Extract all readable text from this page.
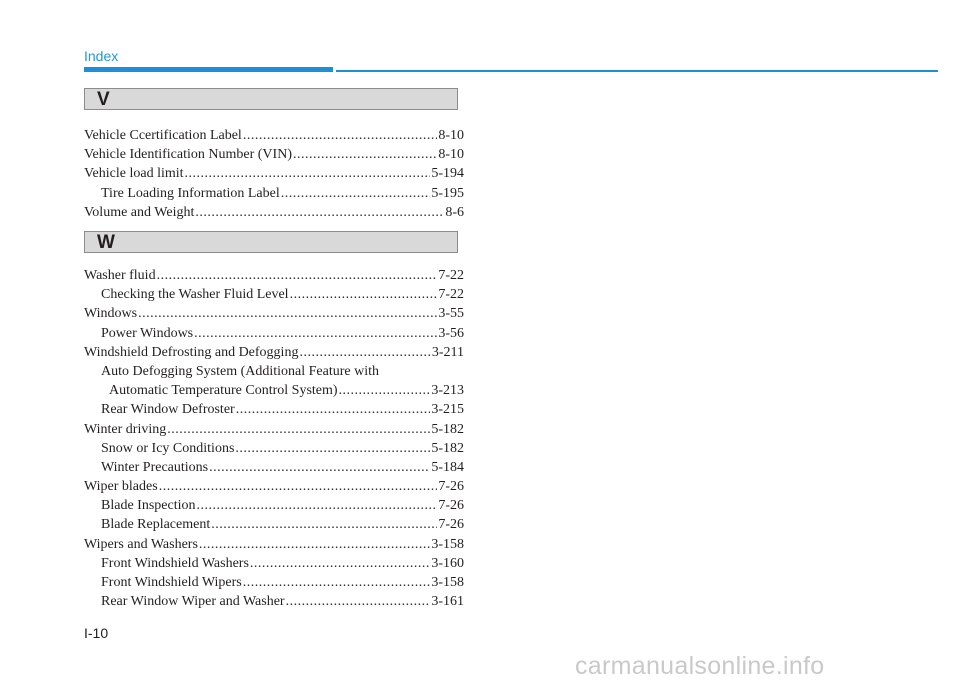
Index
V
Vehicle Ccertification Label .....	8-10
Vehicle Identification Number (VIN) .....	8-10
Vehicle load limit .....	5-194
Tire Loading Information Label .....	5-195
Volume and Weight .....	8-6
W
Washer fluid .....	7-22
Checking the Washer Fluid Level .....	7-22
Windows .....	3-55
Power Windows .....	3-56
Windshield Defrosting and Defogging .....	3-211
Auto Defogging System (Additional Feature with
Automatic Temperature Control System) .....	3-213
Rear Window Defroster .....	3-215
Winter driving .....	5-182
Snow or Icy Conditions .....	5-182
Winter Precautions .....	5-184
Wiper blades .....	7-26
Blade Inspection .....	7-26
Blade Replacement .....	7-26
Wipers and Washers .....	3-158
Front Windshield Washers .....	3-160
Front Windshield Wipers .....	3-158
Rear Window Wiper and Washer .....	3-161
I-10
carmanualsonline.info
